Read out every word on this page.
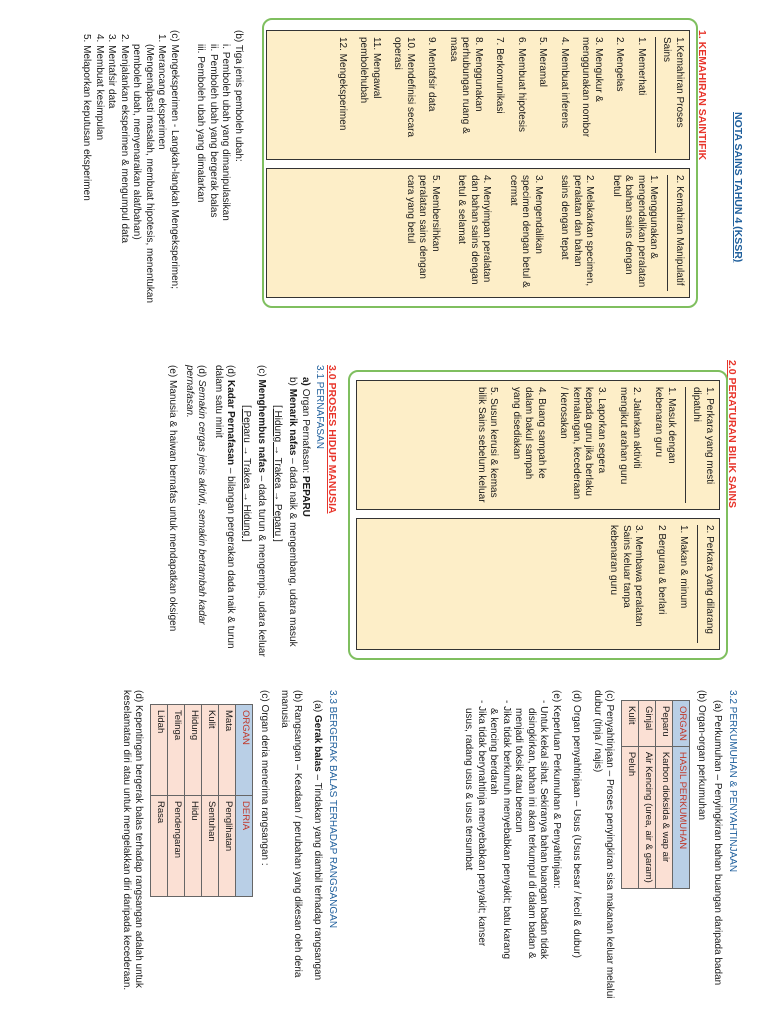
NOTA SAINS TAHUN 4 (KSSR)
1. KEMAHIRAN SAINTIFIK
1.Kemahiran Proses Sains
1. Memerhati
2. Mengelas
3. Mengukur & menggunakan nombor
4. Membuat inferens
5. Meramal
6. Membuat hipotesis
7. Berkomunikasi
8. Menggunakan perhubungan ruang & masa
9. Mentafsir data
10. Mendefinisi secara operasi
11. Mengawal pembolehubah
12. Mengeksperimen
2. Kemahiran Manipulatif
1. Menggunakan & mengendalikan peralatan & bahan sains dengan betul
2. Melakarkan specimen, peralatan dan bahan sains dengan tepat
3. Mengendalikan specimen dengan betul & cermat
4. Menyimpan peralatan dan bahan sains dengan betul & selamat
5. Membersihkan peralatan sains dengan cara yang betul
(b) Tiga jenis pemboleh ubah:
i. Pemboleh ubah yang dimanipulasikan
ii. Pemboleh ubah yang bergerak balas
iii. Pemboleh ubah yang dimalarkan
(c) Mengeksperimen - Langkah-langkah Mengeksperimen;
1. Merancang eksperimen
(Mengenalpasti masalah, membuat hipotesis, menentukan
pemboleh ubah, menyenaraikan alat/bahan)
2. Menjalankan eksperimen & mengumpul data
3. Mentafsir data
4. Membuat kesimpulan
5. Melaporkan keputusan eksperimen
2.0 PERATURAN BILIK SAINS
1. Perkara yang mesti dipatuhi
1. Masuk dengan kebenaran guru
2. Jalankan aktiviti mengikut arahan guru
3. Laporkan segera kepada guru jika berlaku kemalangan, kecederaan / kerosakan
4. Buang sampah ke dalam bakul sampah yang disediakan
5. Susun kerusi & kemas bilik Sains sebelum keluar
2. Perkara yang dilarang
1. Makan & minum
2 Bergurau & berlari
3. Membawa peralatan Sains keluar tanpa kebenaran guru
3.0 PROSES HIDUP MANUSIA
3.1 PERNAFASAN
a) Organ Pernafasan: PEPARU
b) Menarik nafas – dada naik & mengembang, udara masuk
[ Hidung → Trakea → Peparu ]
(c) Menghembus nafas – dada turun & mengempis, udara keluar
[ Peparu → Trakea → Hidung ]
(d) Kadar Pernafasan – bilangan pergerakan dada naik & turun dalam satu minit
(d) Semakin cergas jenis aktivti, semakin bertambah kadar pernafasan.
(e) Manusia & haiwan bernafas untuk mendapatkan oksigen
3.2 PERKUMUHAN & PENYAHTINJAAN
(a) Perkumuhan – Penyingkiran bahan buangan daripada badan
(b) Organ-organ perkumuhan
ORGAN	HASIL PERKUMUHAN
Peparu	Karbon dioksida & wap air
Ginjal	Air Kencing (urea, air & garam)
Kulit	Peluh
(c) Penyahtinjaan – Proses penyingkiran sisa makanan keluar melalui dubur (tinja / najis)
(d) Organ penyahtinjaan – Usus (Usus besar / kecil & dubur)
(e) Keperluan Perkumuhan & Penyahtinjaan:
- Untuk kekal sihat. Sekiranya bahan buangan badan tidak
disingkirkan, bahan ini akan terkumpul di dalam badan &
menjadi toksik atau beracun
- Jika tidak berkumuh menyebabkan penyakit; batu karang
& kencing berdarah
- Jika tidak berynahtinja menyebabkan penyakit; kanser
usus, radang usus & usus tersumbat
3.3 BERGERAK BALAS TERHADAP RANGSANGAN
(a) Gerak balas – Tindakan yang diambil terhadap rangsangan
(b) Rangsangan – Keadaan / perubahan yang dikesan oleh deria manusia
(c) Organ deria menerima rangsangan :
ORGAN	DERIA
Mata	Penglihatan
Kulit	Sentuhan
Hidung	Hidu
Telinga	Pendengaran
Lidah	Rasa
(d) Kepentingan bergerak balas terhadap rangsangan adalah untuk keselamatan diri atau untuk mengelakkan diri daripada kecederaan.
